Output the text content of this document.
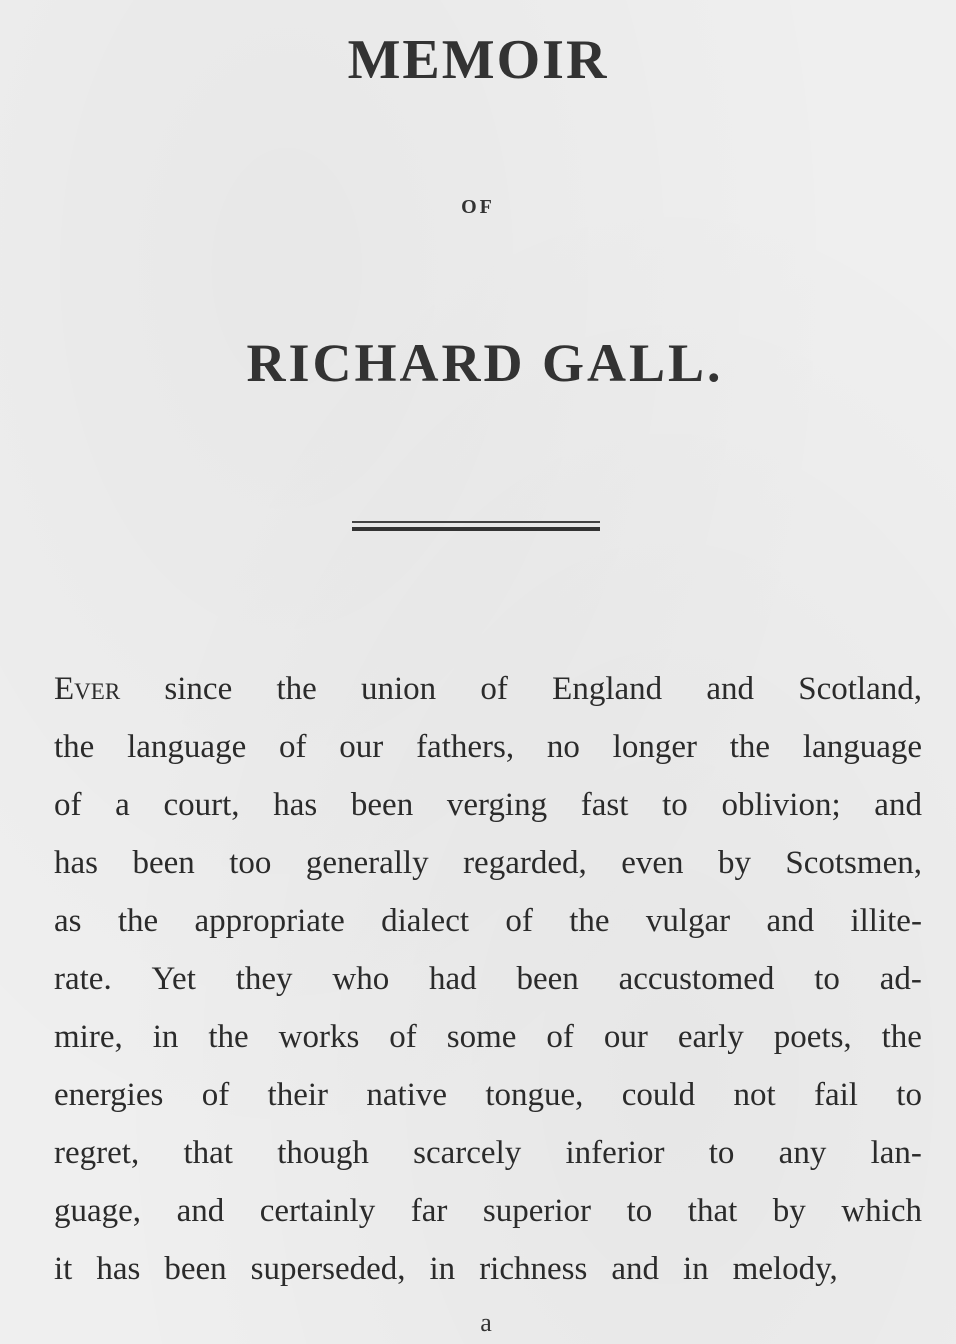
MEMOIR
OF
RICHARD GALL.
Ever since the union of England and Scotland,
the language of our fathers, no longer the language
of a court, has been verging fast to oblivion; and
has been too generally regarded, even by Scotsmen,
as the appropriate dialect of the vulgar and illite-
rate. Yet they who had been accustomed to ad-
mire, in the works of some of our early poets, the
energies of their native tongue, could not fail to
regret, that though scarcely inferior to any lan-
guage, and certainly far superior to that by which
it has been superseded, in richness and in melody,
a
